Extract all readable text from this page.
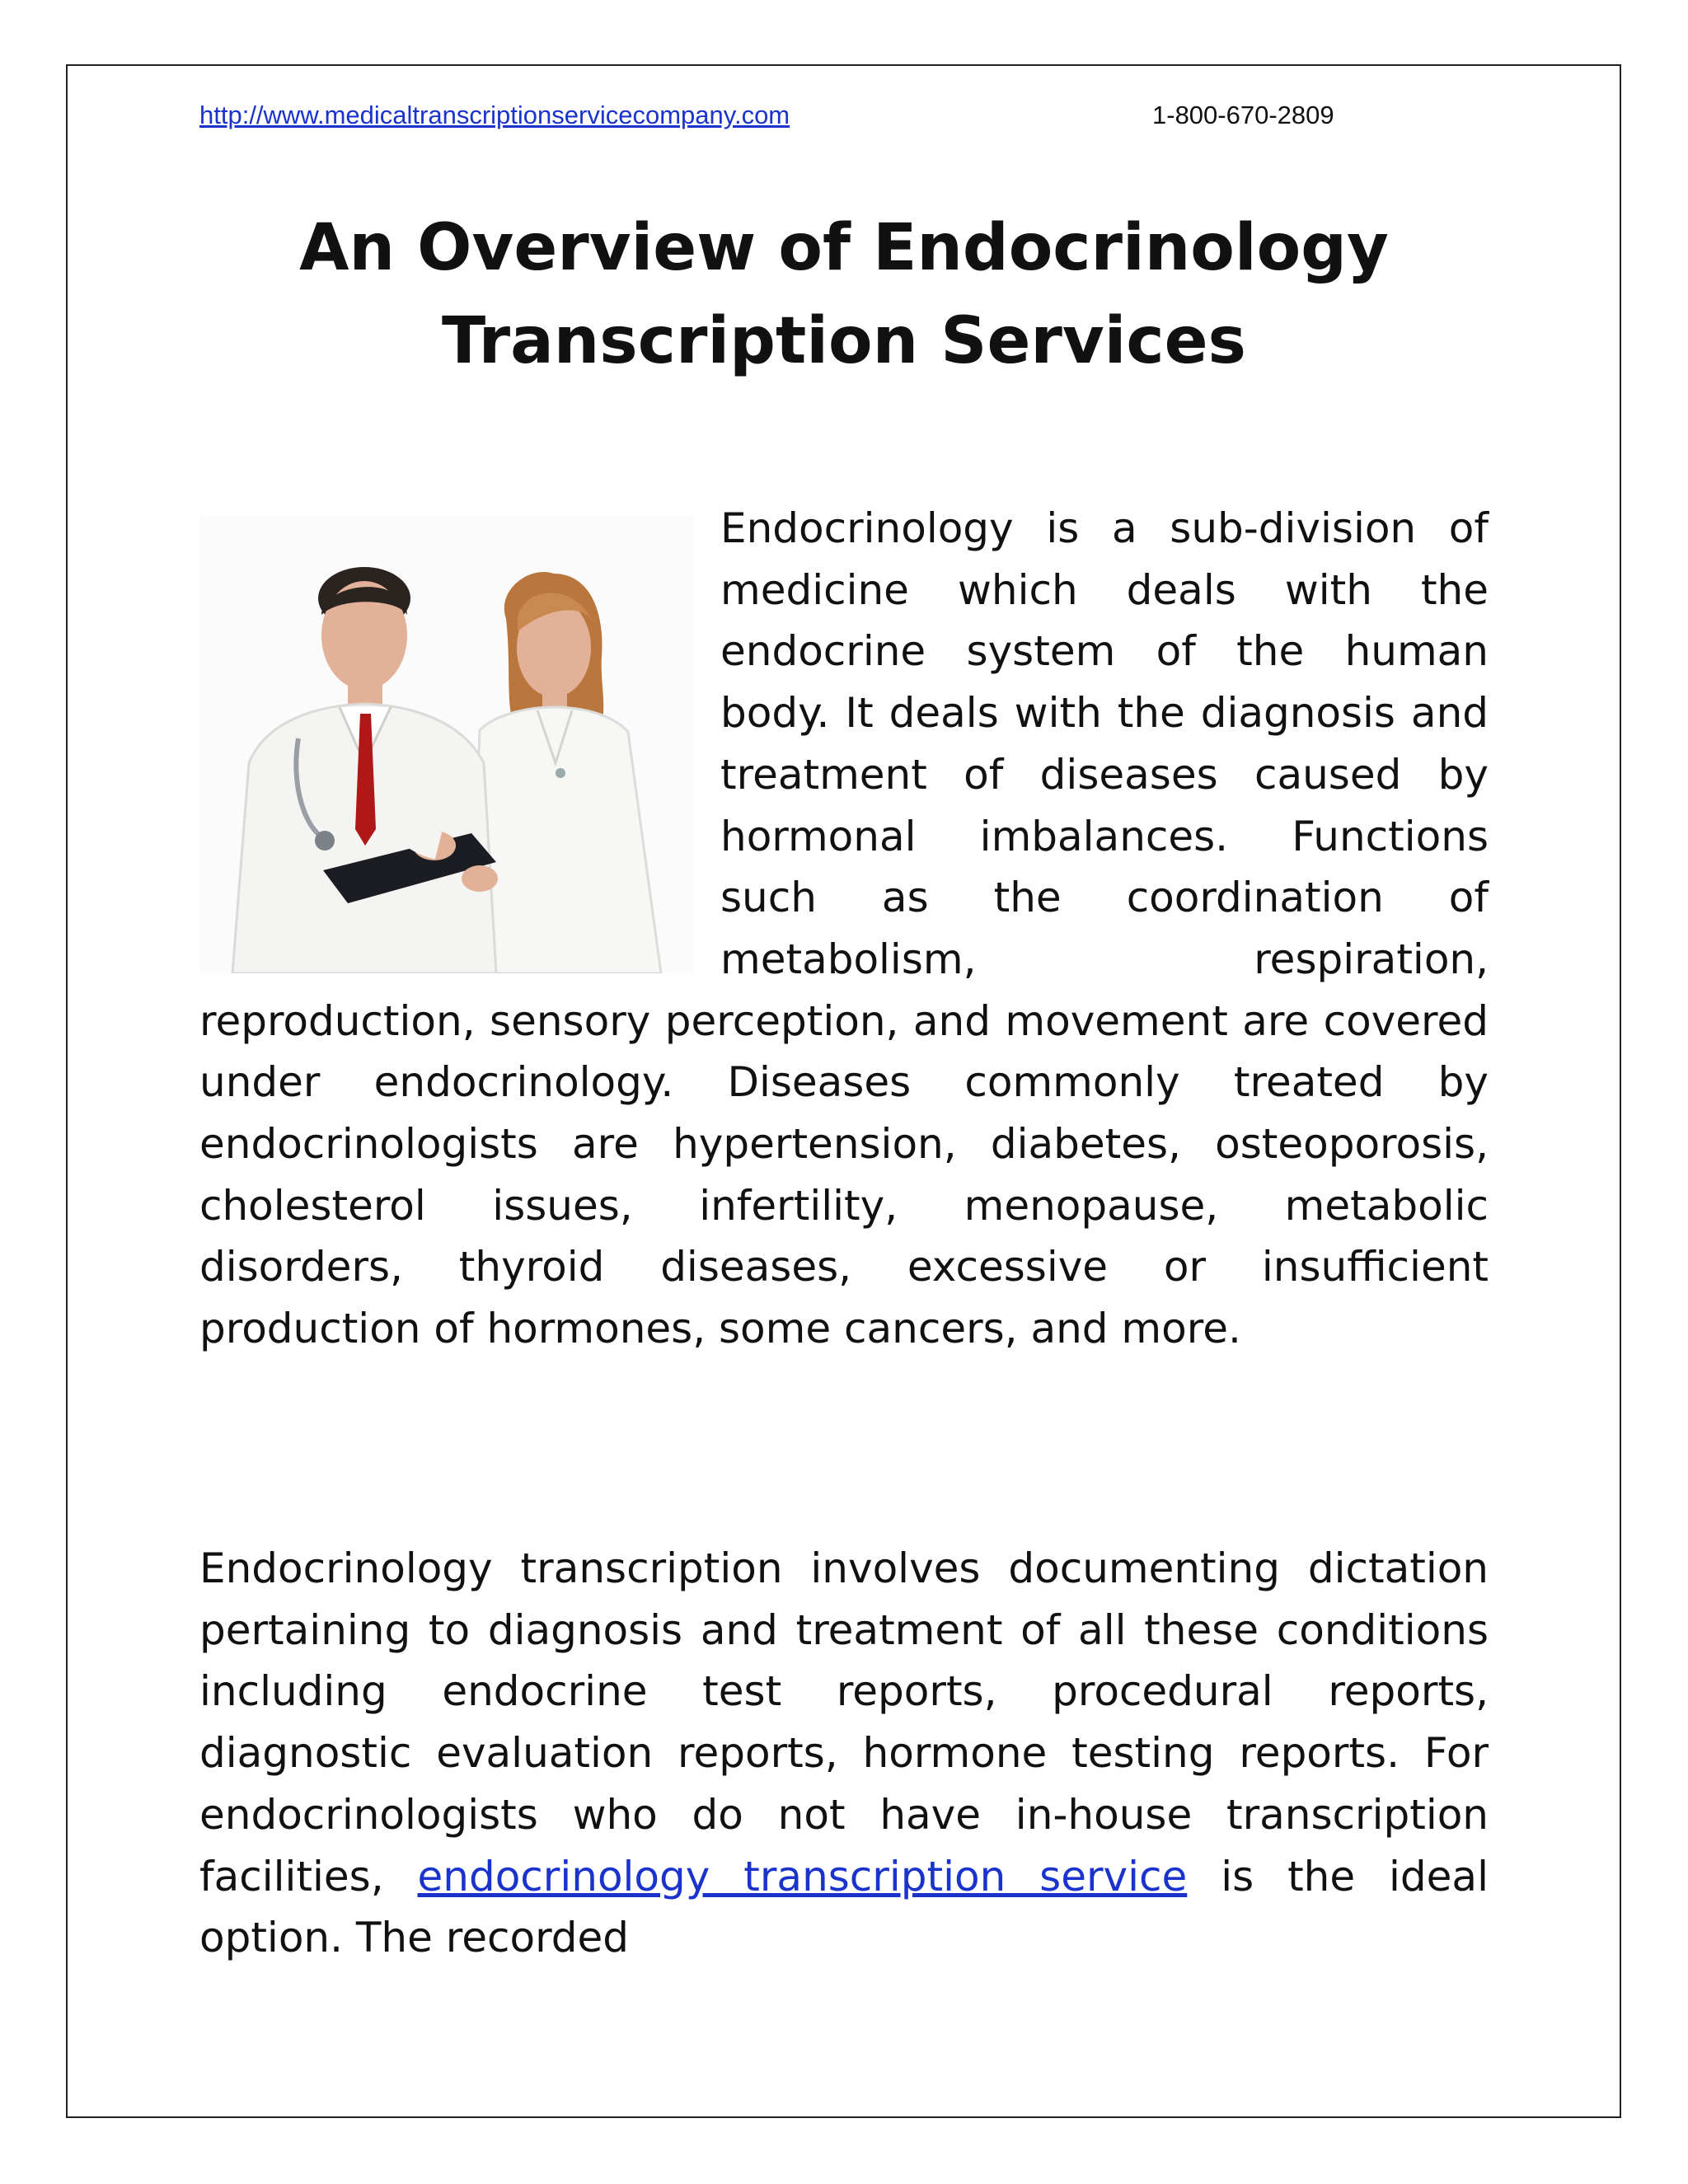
http://www.medicaltranscriptionservicecompany.com	1-800-670-2809
An Overview of Endocrinology
Transcription Services
Endocrinology is a sub-division of medicine which deals with the endocrine system of the human body. It deals with the diagnosis and treatment of diseases caused by hormonal imbalances. Functions such as the coordination of metabolism, respiration, reproduction, sensory perception, and movement are covered under endocrinology. Diseases commonly treated by endocrinologists are hypertension, diabetes, osteoporosis, cholesterol issues, infertility, menopause, metabolic disorders, thyroid diseases, excessive or insufficient production of hormones, some cancers, and more.
Endocrinology transcription involves documenting dictation pertaining to diagnosis and treatment of all these conditions including endocrine test reports, procedural reports, diagnostic evaluation reports, hormone testing reports. For endocrinologists who do not have in-house transcription facilities, endocrinology transcription service is the ideal option. The recorded
